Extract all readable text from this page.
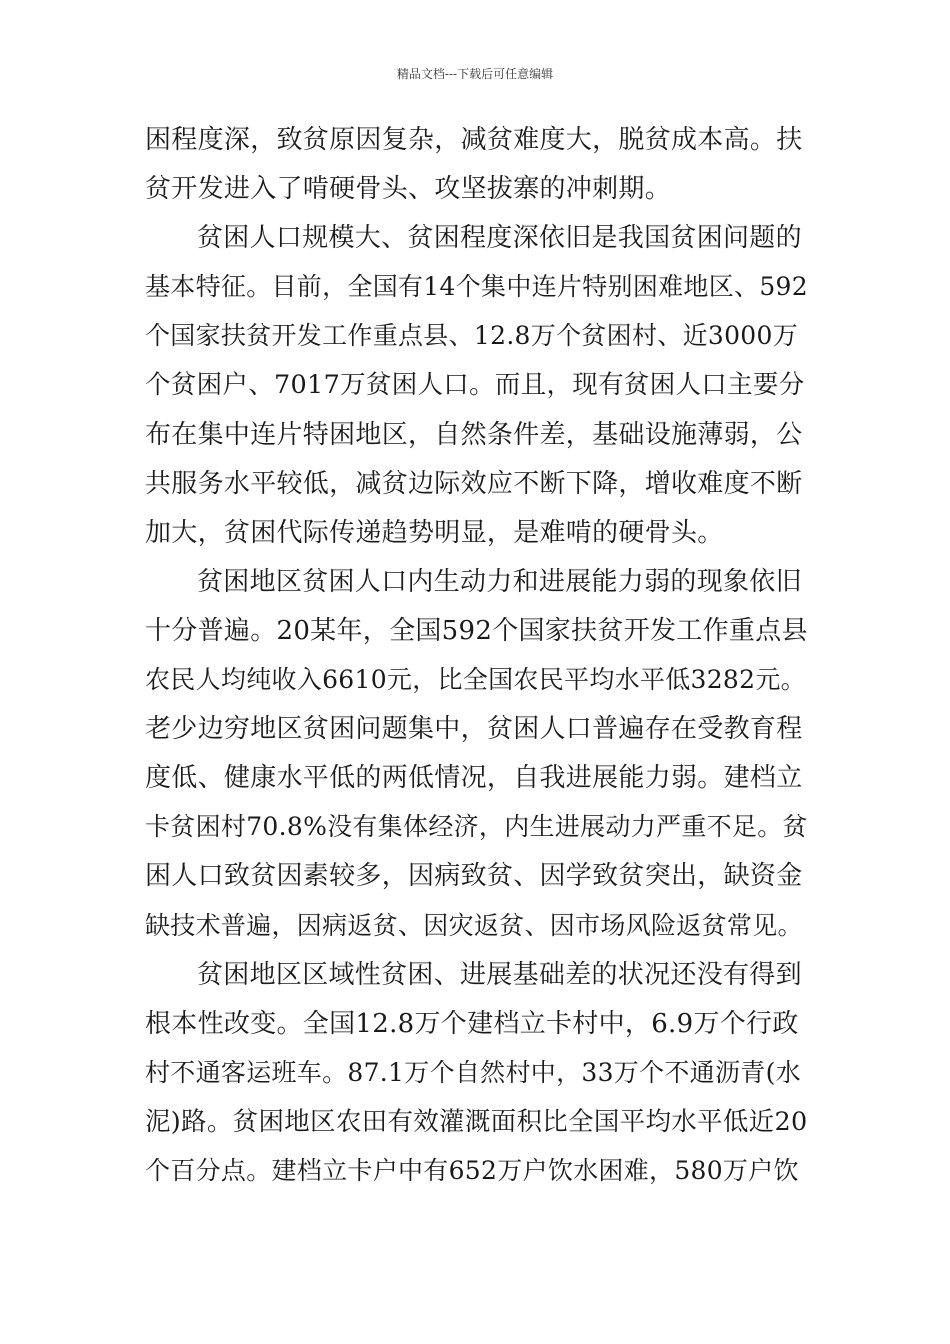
精品文档---下载后可任意编辑
困程度深，致贫原因复杂，减贫难度大，脱贫成本高。扶
贫开发进入了啃硬骨头、攻坚拔寨的冲刺期。
贫困人口规模大、贫困程度深依旧是我国贫困问题的
基本特征。目前，全国有14个集中连片特别困难地区、592
个国家扶贫开发工作重点县、12.8万个贫困村、近3000万
个贫困户、7017万贫困人口。而且，现有贫困人口主要分
布在集中连片特困地区，自然条件差，基础设施薄弱，公
共服务水平较低，减贫边际效应不断下降，增收难度不断
加大，贫困代际传递趋势明显，是难啃的硬骨头。
贫困地区贫困人口内生动力和进展能力弱的现象依旧
十分普遍。20某年，全国592个国家扶贫开发工作重点县
农民人均纯收入6610元，比全国农民平均水平低3282元。
老少边穷地区贫困问题集中，贫困人口普遍存在受教育程
度低、健康水平低的两低情况，自我进展能力弱。建档立
卡贫困村70.8%没有集体经济，内生进展动力严重不足。贫
困人口致贫因素较多，因病致贫、因学致贫突出，缺资金
缺技术普遍，因病返贫、因灾返贫、因市场风险返贫常见。
贫困地区区域性贫困、进展基础差的状况还没有得到
根本性改变。全国12.8万个建档立卡村中，6.9万个行政
村不通客运班车。87.1万个自然村中，33万个不通沥青(水
泥)路。贫困地区农田有效灌溉面积比全国平均水平低近20
个百分点。建档立卡户中有652万户饮水困难，580万户饮
